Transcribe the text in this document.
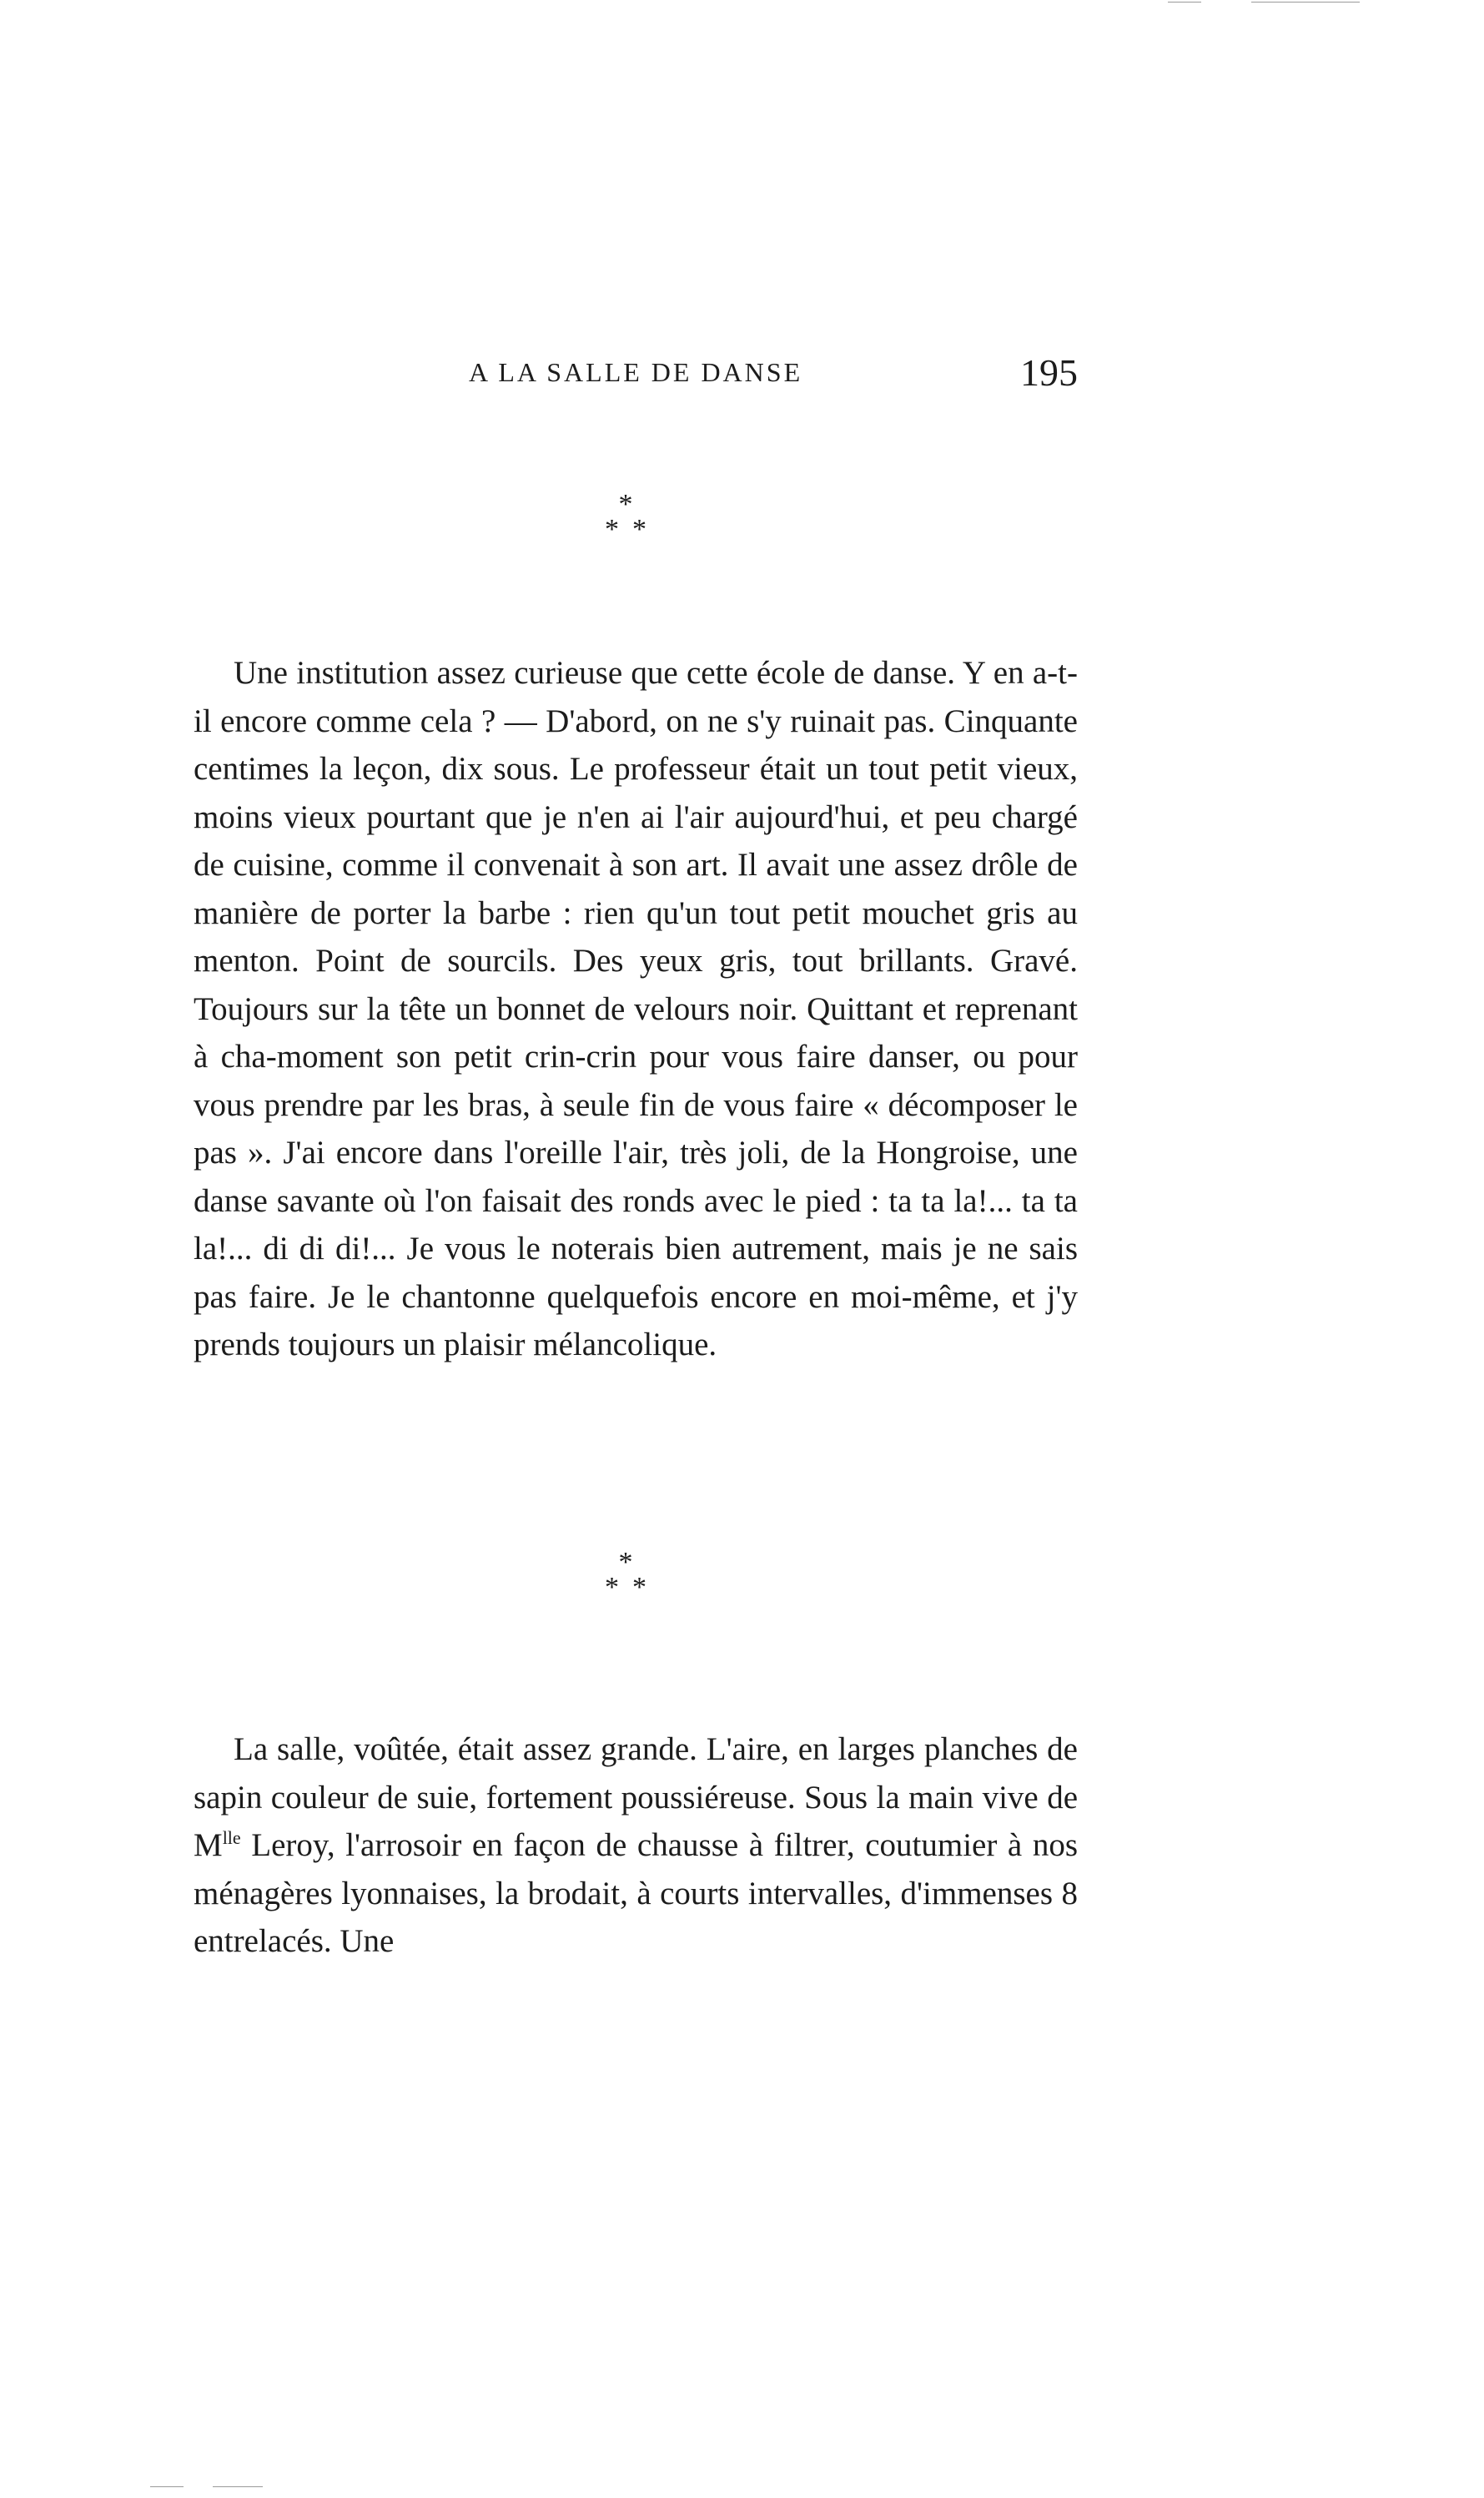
A LA SALLE DE DANSE	195
*
**

Une institution assez curieuse que cette école de danse. Y en a-t-il encore comme cela ? — D'abord, on ne s'y ruinait pas. Cinquante centimes la leçon, dix sous. Le professeur était un tout petit vieux, moins vieux pourtant que je n'en ai l'air aujourd'hui, et peu chargé de cuisine, comme il convenait à son art. Il avait une assez drôle de manière de porter la barbe : rien qu'un tout petit mouchet gris au menton. Point de sourcils. Des yeux gris, tout brillants. Gravé. Toujours sur la tête un bonnet de velours noir. Quittant et reprenant à cha-moment son petit crin-crin pour vous faire danser, ou pour vous prendre par les bras, à seule fin de vous faire « décomposer le pas ». J'ai encore dans l'oreille l'air, très joli, de la Hongroise, une danse savante où l'on faisait des ronds avec le pied : ta ta la!... ta ta la!... di di di!... Je vous le noterais bien autrement, mais je ne sais pas faire. Je le chantonne quelquefois encore en moi-même, et j'y prends toujours un plaisir mélancolique.

*
**

La salle, voûtée, était assez grande. L'aire, en larges planches de sapin couleur de suie, fortement poussiéreuse. Sous la main vive de $M^{lle}$ Leroy, l'arrosoir en façon de chausse à filtrer, coutumier à nos ménagères lyonnaises, la brodait, à courts intervalles, d'immenses 8 entrelacés. Une
